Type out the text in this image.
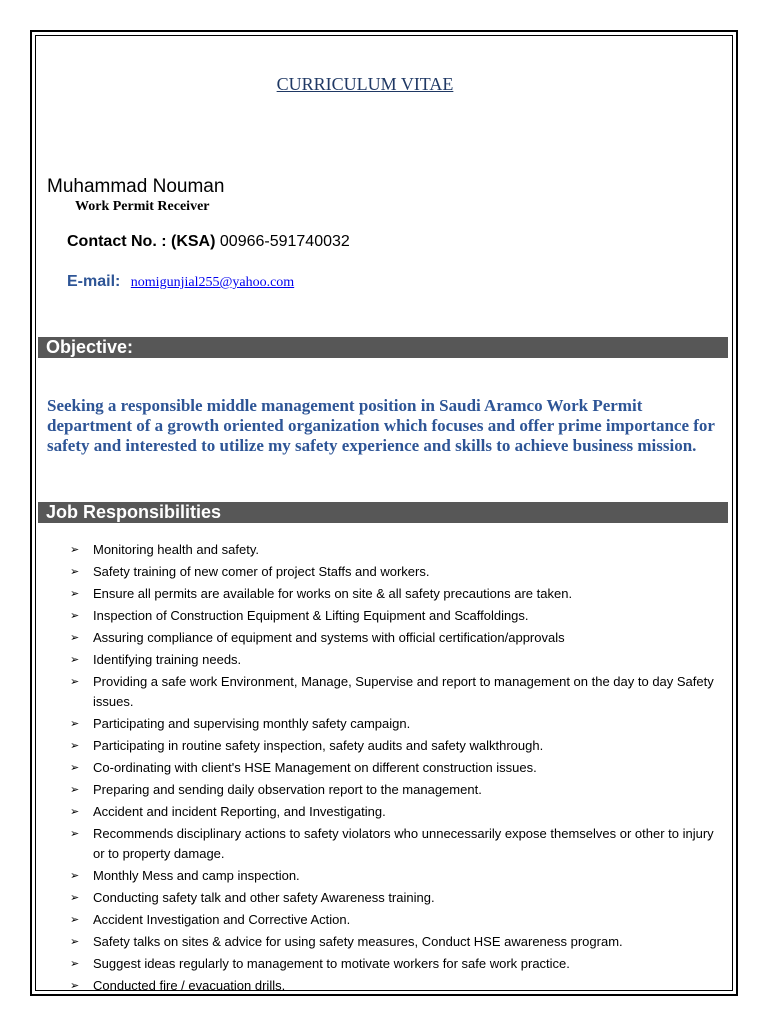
CURRICULUM VITAE
Muhammad Nouman
Work Permit Receiver
Contact No. : (KSA) 00966-591740032
E-mail: nomigunjial255@yahoo.com
Objective:
Seeking a responsible middle management position in Saudi Aramco Work Permit department of a growth oriented organization which focuses and offer prime importance for safety and interested to utilize my safety experience and skills to achieve business mission.
Job Responsibilities
➢ Monitoring health and safety.
➢ Safety training of new comer of project Staffs and workers.
➢ Ensure all permits are available for works on site & all safety precautions are taken.
➢ Inspection of Construction Equipment & Lifting Equipment and Scaffoldings.
➢ Assuring compliance of equipment and systems with official certification/approvals
➢ Identifying training needs.
➢ Providing a safe work Environment, Manage, Supervise and report to management on the day to day Safety issues.
➢ Participating and supervising monthly safety campaign.
➢ Participating in routine safety inspection, safety audits and safety walkthrough.
➢ Co-ordinating with client's HSE Management on different construction issues.
➢ Preparing and sending daily observation report to the management.
➢ Accident and incident Reporting, and Investigating.
➢ Recommends disciplinary actions to safety violators who unnecessarily expose themselves or other to injury or to property damage.
➢ Monthly Mess and camp inspection.
➢ Conducting safety talk and other safety Awareness training.
➢ Accident Investigation and Corrective Action.
➢ Safety talks on sites & advice for using safety measures, Conduct HSE awareness program.
➢ Suggest ideas regularly to management to motivate workers for safe work practice.
➢ Conducted fire / evacuation drills.
